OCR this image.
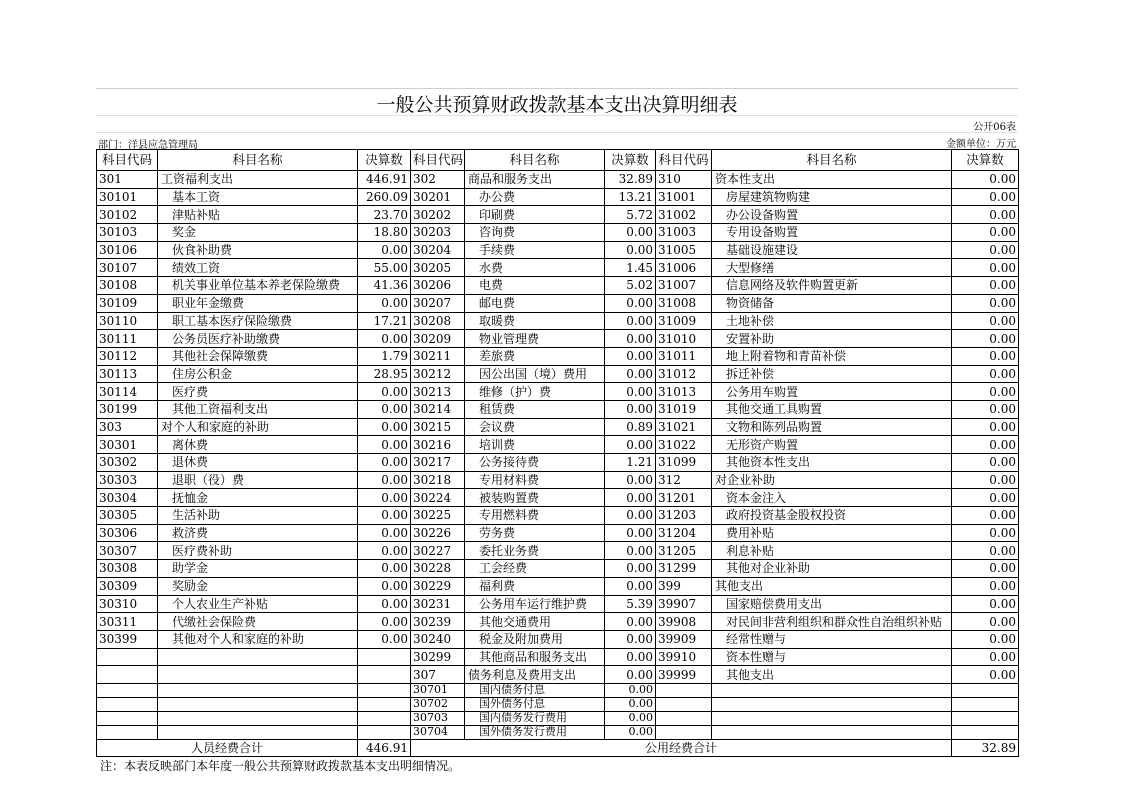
一般公共预算财政拨款基本支出决算明细表
公开06表
部门：洋县应急管理局	金额单位：万元
科目代码	科目名称	决算数	科目代码	科目名称	决算数	科目代码	科目名称	决算数
301	工资福利支出	446.91	302	商品和服务支出	32.89	310	资本性支出	0.00
30101	基本工资	260.09	30201	办公费	13.21	31001	房屋建筑物购建	0.00
30102	津贴补贴	23.70	30202	印刷费	5.72	31002	办公设备购置	0.00
30103	奖金	18.80	30203	咨询费	0.00	31003	专用设备购置	0.00
30106	伙食补助费	0.00	30204	手续费	0.00	31005	基础设施建设	0.00
30107	绩效工资	55.00	30205	水费	1.45	31006	大型修缮	0.00
30108	机关事业单位基本养老保险缴费	41.36	30206	电费	5.02	31007	信息网络及软件购置更新	0.00
30109	职业年金缴费	0.00	30207	邮电费	0.00	31008	物资储备	0.00
30110	职工基本医疗保险缴费	17.21	30208	取暖费	0.00	31009	土地补偿	0.00
30111	公务员医疗补助缴费	0.00	30209	物业管理费	0.00	31010	安置补助	0.00
30112	其他社会保障缴费	1.79	30211	差旅费	0.00	31011	地上附着物和青苗补偿	0.00
30113	住房公积金	28.95	30212	因公出国（境）费用	0.00	31012	拆迁补偿	0.00
30114	医疗费	0.00	30213	维修（护）费	0.00	31013	公务用车购置	0.00
30199	其他工资福利支出	0.00	30214	租赁费	0.00	31019	其他交通工具购置	0.00
303	对个人和家庭的补助	0.00	30215	会议费	0.89	31021	文物和陈列品购置	0.00
30301	离休费	0.00	30216	培训费	0.00	31022	无形资产购置	0.00
30302	退休费	0.00	30217	公务接待费	1.21	31099	其他资本性支出	0.00
30303	退职（役）费	0.00	30218	专用材料费	0.00	312	对企业补助	0.00
30304	抚恤金	0.00	30224	被装购置费	0.00	31201	资本金注入	0.00
30305	生活补助	0.00	30225	专用燃料费	0.00	31203	政府投资基金股权投资	0.00
30306	救济费	0.00	30226	劳务费	0.00	31204	费用补贴	0.00
30307	医疗费补助	0.00	30227	委托业务费	0.00	31205	利息补贴	0.00
30308	助学金	0.00	30228	工会经费	0.00	31299	其他对企业补助	0.00
30309	奖励金	0.00	30229	福利费	0.00	399	其他支出	0.00
30310	个人农业生产补贴	0.00	30231	公务用车运行维护费	5.39	39907	国家赔偿费用支出	0.00
30311	代缴社会保险费	0.00	30239	其他交通费用	0.00	39908	对民间非营利组织和群众性自治组织补贴	0.00
30399	其他对个人和家庭的补助	0.00	30240	税金及附加费用	0.00	39909	经常性赠与	0.00
			30299	其他商品和服务支出	0.00	39910	资本性赠与	0.00
			307	债务利息及费用支出	0.00	39999	其他支出	0.00
			30701	国内债务付息	0.00			
			30702	国外债务付息	0.00			
			30703	国内债务发行费用	0.00			
			30704	国外债务发行费用	0.00			
人员经费合计		446.91	公用经费合计					32.89
注：本表反映部门本年度一般公共预算财政拨款基本支出明细情况。
